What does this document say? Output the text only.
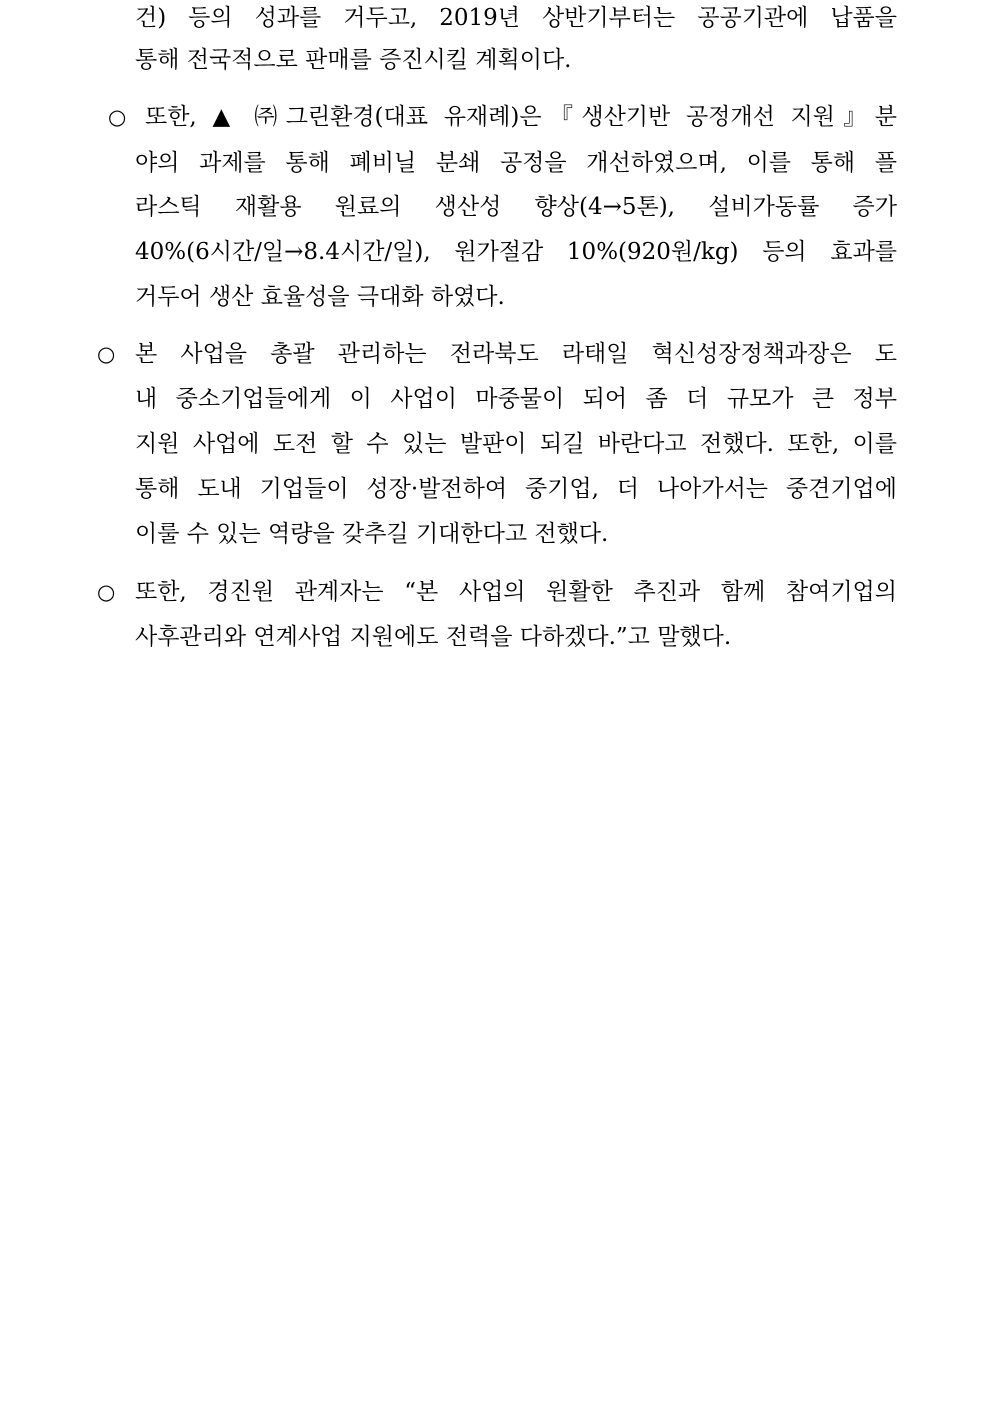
건) 등의 성과를 거두고, 2019년 상반기부터는 공공기관에 납품을
통해 전국적으로 판매를 증진시킬 계획이다.
○ 또한, ▲ ㈜그린환경(대표 유재례)은『생산기반 공정개선 지원』분
야의 과제를 통해 폐비닐 분쇄 공정을 개선하였으며, 이를 통해 플
라스틱 재활용 원료의 생산성 향상(4→5톤), 설비가동률 증가
40%(6시간/일→8.4시간/일), 원가절감 10%(920원/kg) 등의 효과를
거두어 생산 효율성을 극대화 하였다.
○ 본 사업을 총괄 관리하는 전라북도 라태일 혁신성장정책과장은 도
내 중소기업들에게 이 사업이 마중물이 되어 좀 더 규모가 큰 정부
지원 사업에 도전 할 수 있는 발판이 되길 바란다고 전했다. 또한, 이를
통해 도내 기업들이 성장·발전하여 중기업, 더 나아가서는 중견기업에
이룰 수 있는 역량을 갖추길 기대한다고 전했다.
○ 또한, 경진원 관계자는 “본 사업의 원활한 추진과 함께 참여기업의
사후관리와 연계사업 지원에도 전력을 다하겠다.”고 말했다.
